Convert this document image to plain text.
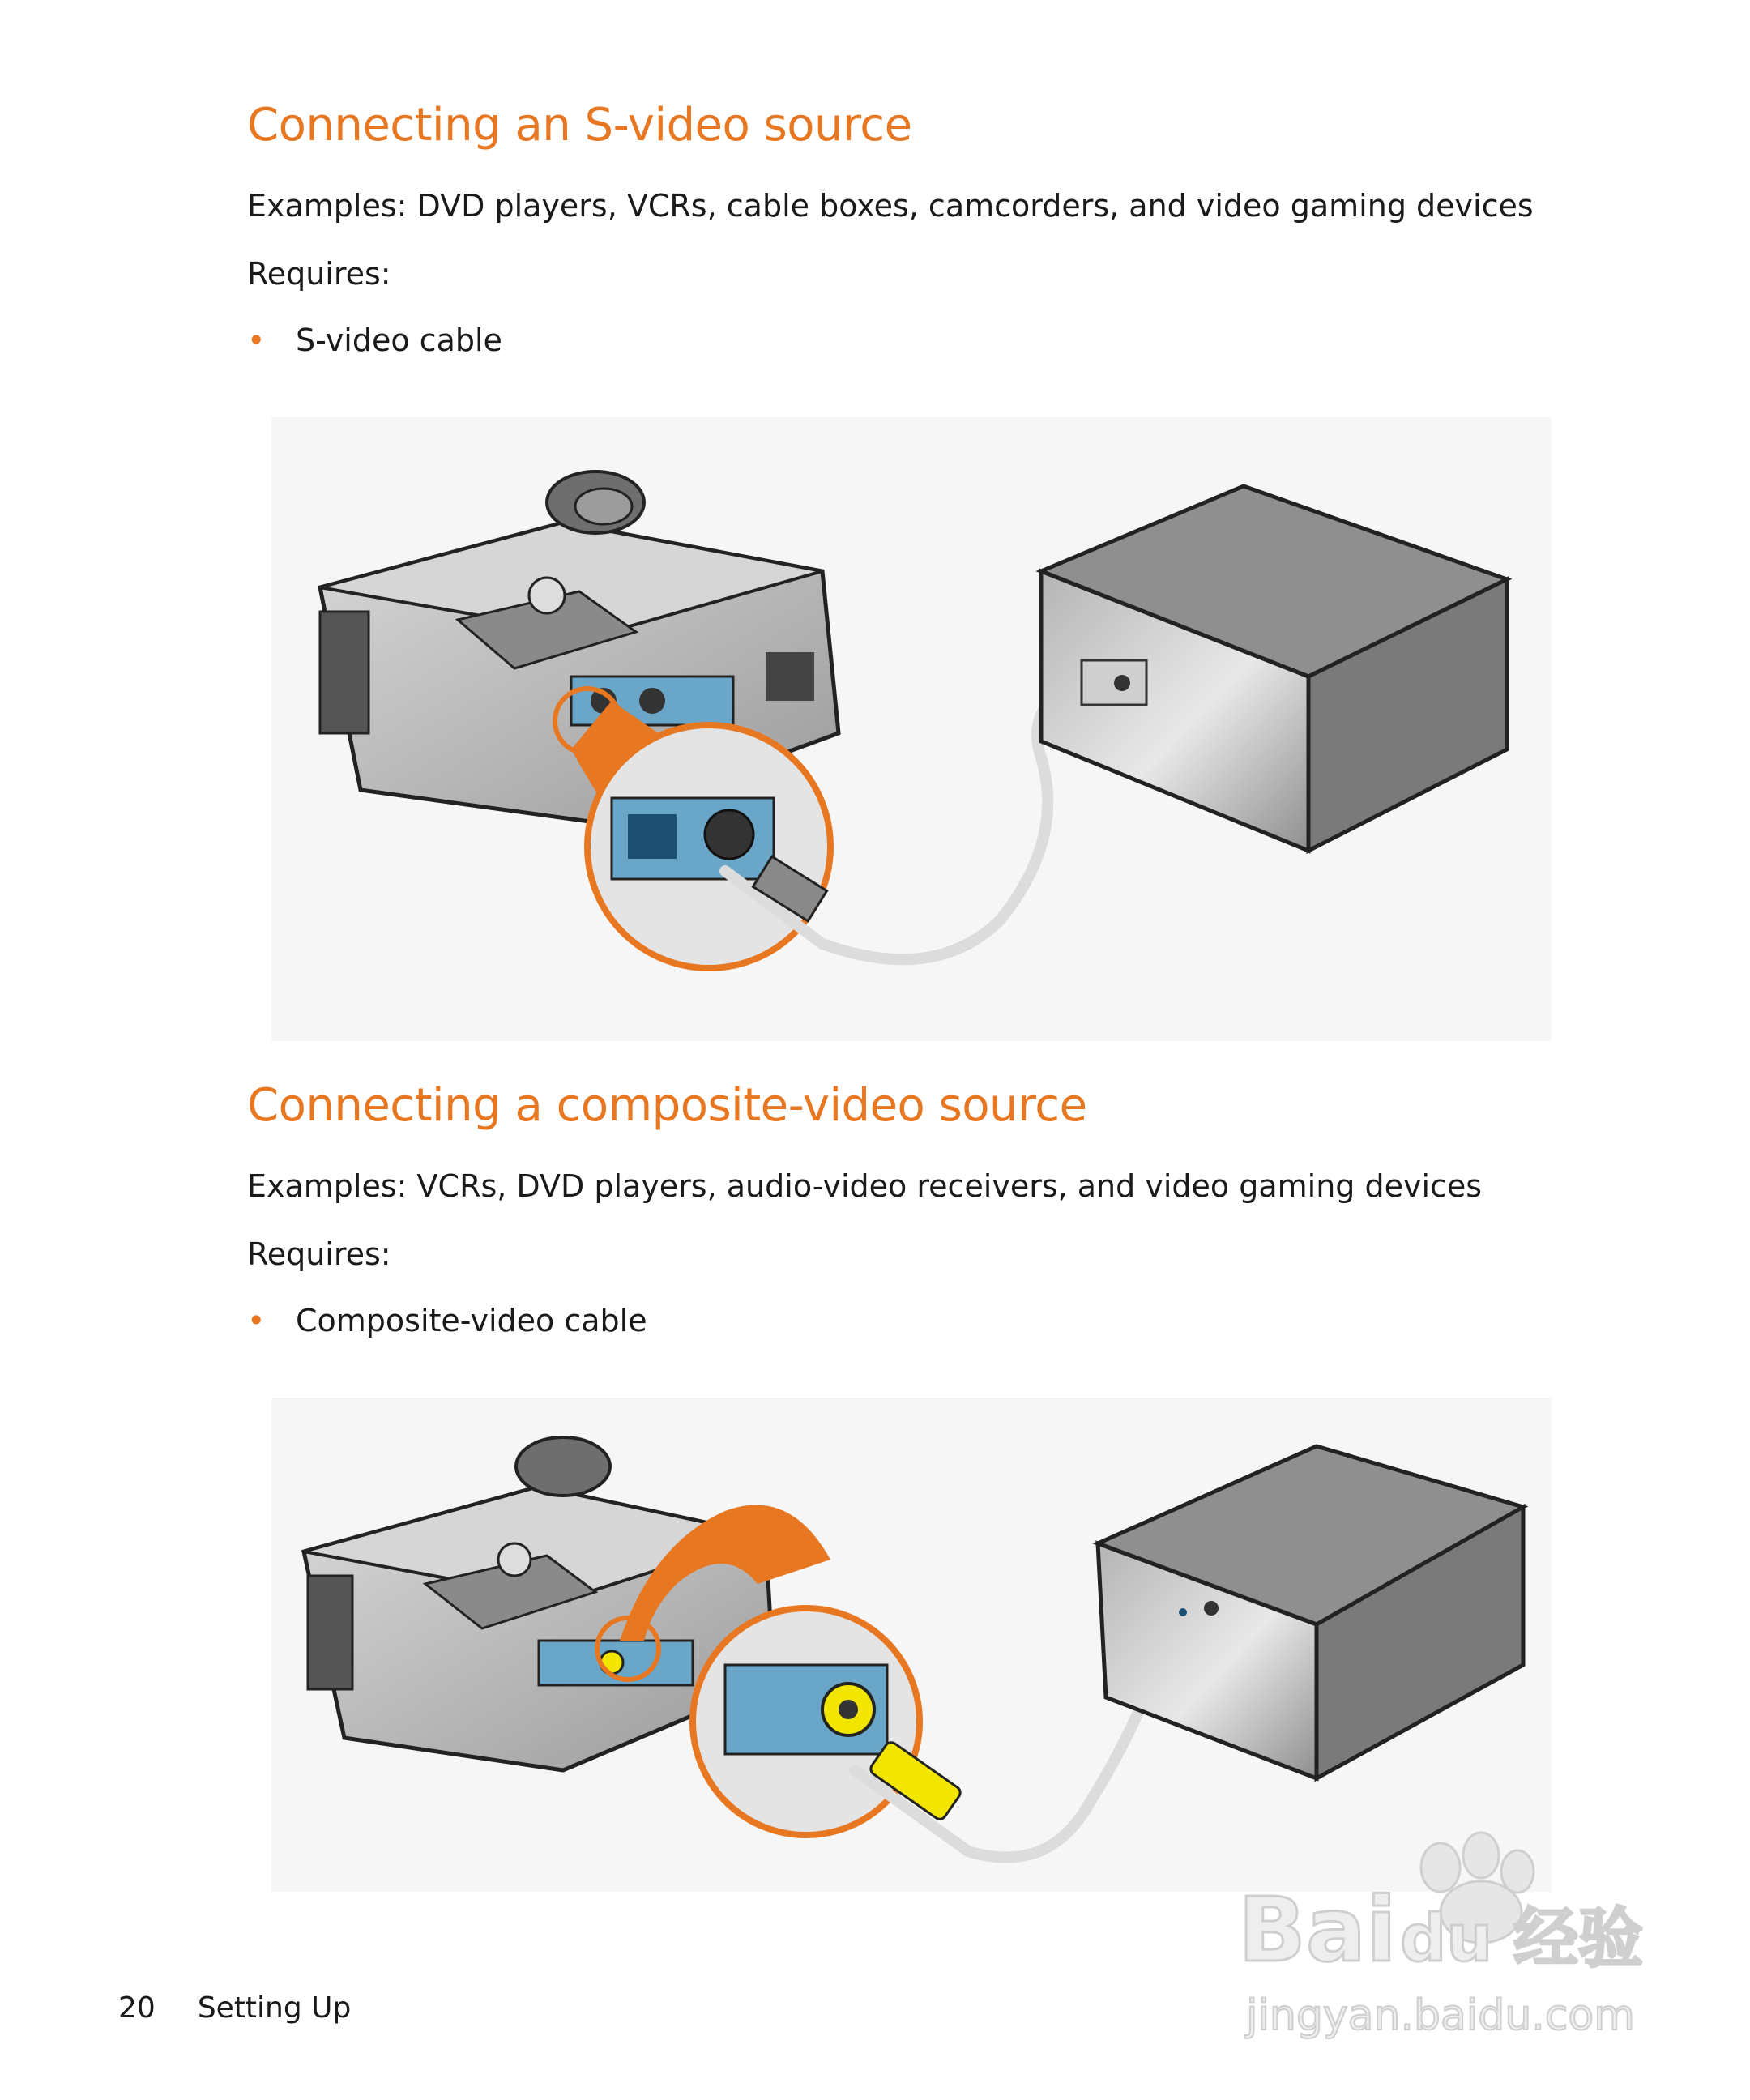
Connecting an S-video source

Examples: DVD players, VCRs, cable boxes, camcorders, and video gaming devices

Requires:

• S-video cable
Connecting a composite-video source

Examples: VCRs, DVD players, audio-video receivers, and video gaming devices

Requires:

• Composite-video cable
20 Setting Up
Bai du 经验
jingyan.baidu.com
